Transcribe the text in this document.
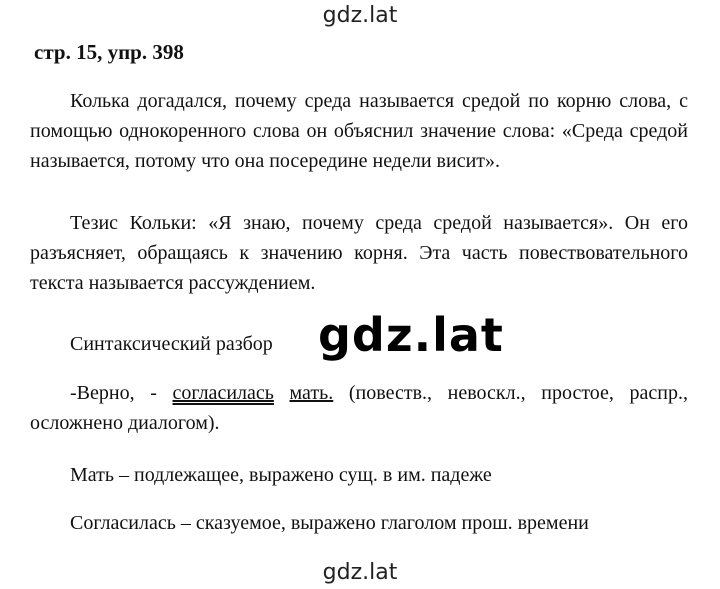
gdz.lat
стр. 15, упр. 398
Колька догадался, почему среда называется средой по корню слова, с помощью однокоренного слова он объяснил значение слова: «Среда средой называется, потому что она посередине недели висит».
Тезис Кольки: «Я знаю, почему среда средой называется». Он его разъясняет, обращаясь к значению корня. Эта часть повествовательного текста называется рассуждением.
Синтаксический разбор gdz.lat
-Верно, - согласилась мать. (повеств., невоскл., простое, распр., осложнено диалогом).
Мать – подлежащее, выражено сущ. в им. падеже
Согласилась – сказуемое, выражено глаголом прош. времени
gdz.lat
